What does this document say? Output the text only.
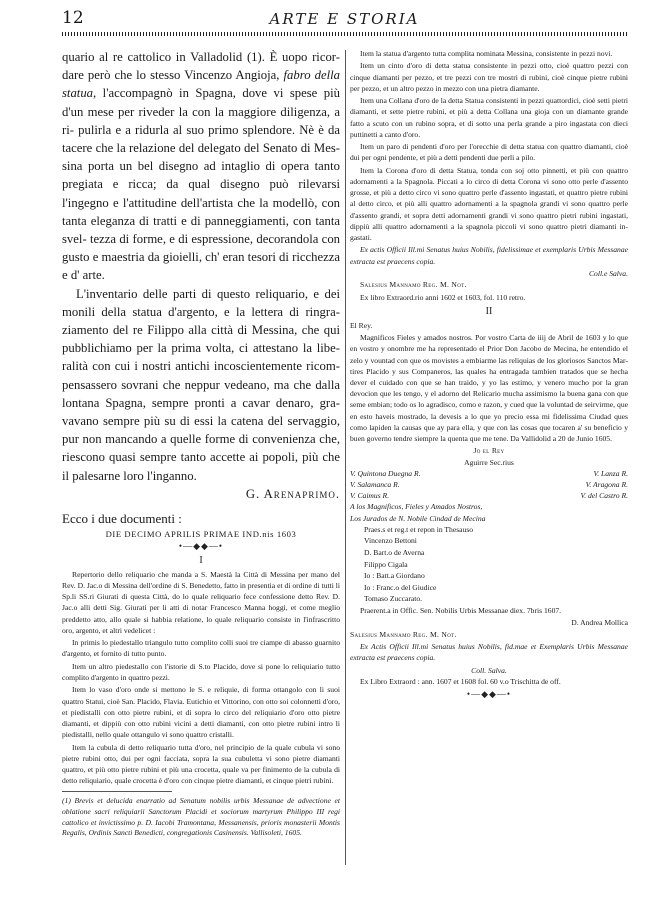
12	ARTE E STORIA
quario al re cattolico in Valladolid (1). È uopo ricor- dare però che lo stesso Vincenzo Angioja, fabro della statua, l'accompagnò in Spagna, dove vi spese più d'un mese per riveder la con la maggiore diligenza, a ri- pulirla e a ridurla al suo primo splendore. Nè è da tacere che la relazione del delegato del Senato di Mes- sina porta un bel disegno ad intaglio di opera tanto pregiata e ricca; da qual disegno può rilevarsi l'ingegno e l'attitudine dell'artista che la modellò, con tanta eleganza di tratti e di panneggiamenti, con tanta svel- tezza di forme, e di espressione, decorandola con gusto e maestria da gioielli, ch' eran tesori di ricchezza e d' arte.
L'inventario delle parti di questo reliquario, e dei monili della statua d'argento, e la lettera di ringraziamento del re Filippo alla città di Messina, che qui pubblichiamo per la prima volta, ci attestano la liberalità con cui i nostri antichi incoscientemente ricompensassero sovrani che neppur vedeano, ma che dalla lontana Spagna, sempre pronti a cavar denaro, gravavano sempre più su di essi la catena del servaggio, pur non mancando a quelle forme di convenienza che, riescono quasi sempre tanto accette ai popoli, più che il palesarne loro l'inganno.
G. Arenaprimo.
Ecco i due documenti :
DIE DECIMO APRILIS PRIMAE IND.nis 1603
•—◆◆—•
I

Repertorio dello reliquario che manda a S. Maestà la Città di Messina per mano del Rev. D. Jac.o di Messina dell'ordine di S. Benedetto, fatto in presentia et di ordine di tutti li Sp.li SS.ri Giurati di questa Città, do lo quale reliquario fece confessione detto Rev. D. Jac.o alli detti Sig. Giurati per li atti di notar Francesco Manna hoggi, et come meglio preddetto atto, allo quale si habbia relatione, lo quale reliquario consiste in l'infrascritto oro, argento, et altri vedelicet :

In primis lo piedestallo triangulo tutto complito colli suoi tre ciampe di abasso guarnito d'argento, et fornito di tutto punto.

Item un altro piedestallo con l'istorie di S.to Placido, dove si pone lo reliquiario tutto complito d'argento in quattro pezzi.

Item lo vaso d'oro onde si mettono le S. e reliquie, di forma ottangolo con li suoi quattro Statui, cioè San. Placido, Flavia. Eutichio et Vittorino, con otto soi colonnetti d'oro, et piedistalli con otto pietre rubini, et di sopra lo circo del reliquiario d'oro otto pietre diamanti, et dippiù con otto rubini vicini a detti diamanti, con otto pietre rubini intro li piedistalli, nello quale ottangulo vi sono quattro cristalli.

Item la cubula di detto reliquario tutta d'oro, nel principio de la quale cubula vi sono pietre rubini otto, dui per ogni facciata, sopra la sua cubuletta vi sono pietre diamanti quattro, et più otto pietre rubini et più una crocetta, quale va per finimento de la cubula di detto reliquiario, quale crocetta è d'oro con cinque pietre diamanti, et cinque pietri rubini.

(1) Brevis et delucida enarratio ad Senatum nobilis urbis Messanae de advectione et oblatione sacri reliquiarii Sanctorum Placidi et sociorum martyrum Philippo III regi cattolico et invictissimo p. D. Iacobi Tramontana, Messanensis, prioris monasterii Montis Regalis, Ordinis Sancti Benedicti, congregationis Casinensis. Vallisoleti, 1605.

Item la statua d'argento tutta complita nominata Messina, consistente in pezzi novi.

Item un cinto d'oro di detta statua consistente in pezzi otto, cioè quattro pezzi con cinque diamanti per pezzo, et tre pezzi con tre mostri di rubini, cioè cinque pietre rubini per pezzo, et un altro pezzo in mezzo con una pietra diamante.

Item una Collana d'oro de la detta Statua consistenti in pezzi quattordici, cioè setti pietri diamanti, et sette pietre rubini, et più a detta Collana una gioja con un diamante grande fatto a scuto con un rubino sopra, et di sotto una perla grande a piro ingastata con dieci puttinetti a canto d'oro.

Item un paro di pendenti d'oro per l'orecchie di detta statua con quattro diamanti, cioè dui per ogni pendente, et più a detti pendenti due perli a pilo.

Item la Corona d'oro di detta Statua, tonda con soj otto pinnetti, et più con quattro adornamenti a la Spagnola. Piccati a lo circo di detta Corona vi sono otto perle d'assento grosse, et più a detto circo vi sono quattro perle d'assento ingastati, et quattro pietre rubini al detto circo, et più alli quattro adornamenti a la spagnola grandi vi sono quattro perle d'assento grandi, et sopra detti adornamenti grandi vi sono quattro pietri rubini ingastati, dippiù alli quattro adornamenti a la spagnola piccoli vi sono quattro pietri diamanti ingastati.

Ex actis Officii Ill.mi Senatus huius Nobilis, fidelissimae et exemplaris Urbis Messanae extracta est praecens copia.

Coll.e Salva.

Salesius Mannamo Reg. M. Not.

Ex libro Extraord.rio anni 1602 et 1603, fol. 110 retro.

II

El Rey.

Magnificos Fieles y amados nostros. Por vostro Carta de iiij de Abril de 1603 y lo que en vostro y onombre me ha representado el Prior Don Jacobo de Mecina, he entendido el zelo y vountad con que os movistes a embiarme las reliquias de los gloriosos Sanctos Martires Placido y sus Companeros, las quales ha entragada tambien tratados que se hecha dever el cuidado con que se han traido, y yo las estimo, y venero mucho por la gran devocion que les tengo, y el adorno del Relicario mucha assimismo la buena gana con que seme embian; todo os lo agradisco, como e razon, y cued que la voluntad de seirvirme, que en esto haveis mostrado, la devesis a lo que yo precio essa mi fidelissima Ciudad ques como lapiden la causas que ay para ella, y que con las cosas que tocaren a' su beneficio y buen governo tendre siempre la quenta que me tene. Da Vallidolid a 20 de Junio 1605.

Jo el Rey
Aguirre Sec.rius
V. Quintona Duegna R.	V. Lanza R.
V. Salamanca R.	V. Aragona R.
V. Caimus R.	V. del Castro R.
A los Magnificos, Fieles y Amados Nostros,
Los Jurados de N. Nobile Cindad de Mecina
Praes.s et reg.t et repon in Thesauso
Vincenzo Bettoni
D. Bart.o de Averna
Filippo Cigala
Io : Batt.a Giordano
Io : Franc.o del Giudice
Tomaso Zuccarato.

Praerent.a in Offic. Sen. Nobilis Urbis Messanae diex. 7bris 1607.

D. Andrea Mollica

Salesius Mannamo Reg. M. Not.

Ex Actis Officii Ill.mi Senatus huius Nobilis, fid.mae et Exemplaris Urbis Messanae extracta est praecens copia.

Coll. Salva.

Ex Libro Extraord : ann. 1607 et 1608 fol. 60 v.o Trischitta de off.

•—◆◆—•
